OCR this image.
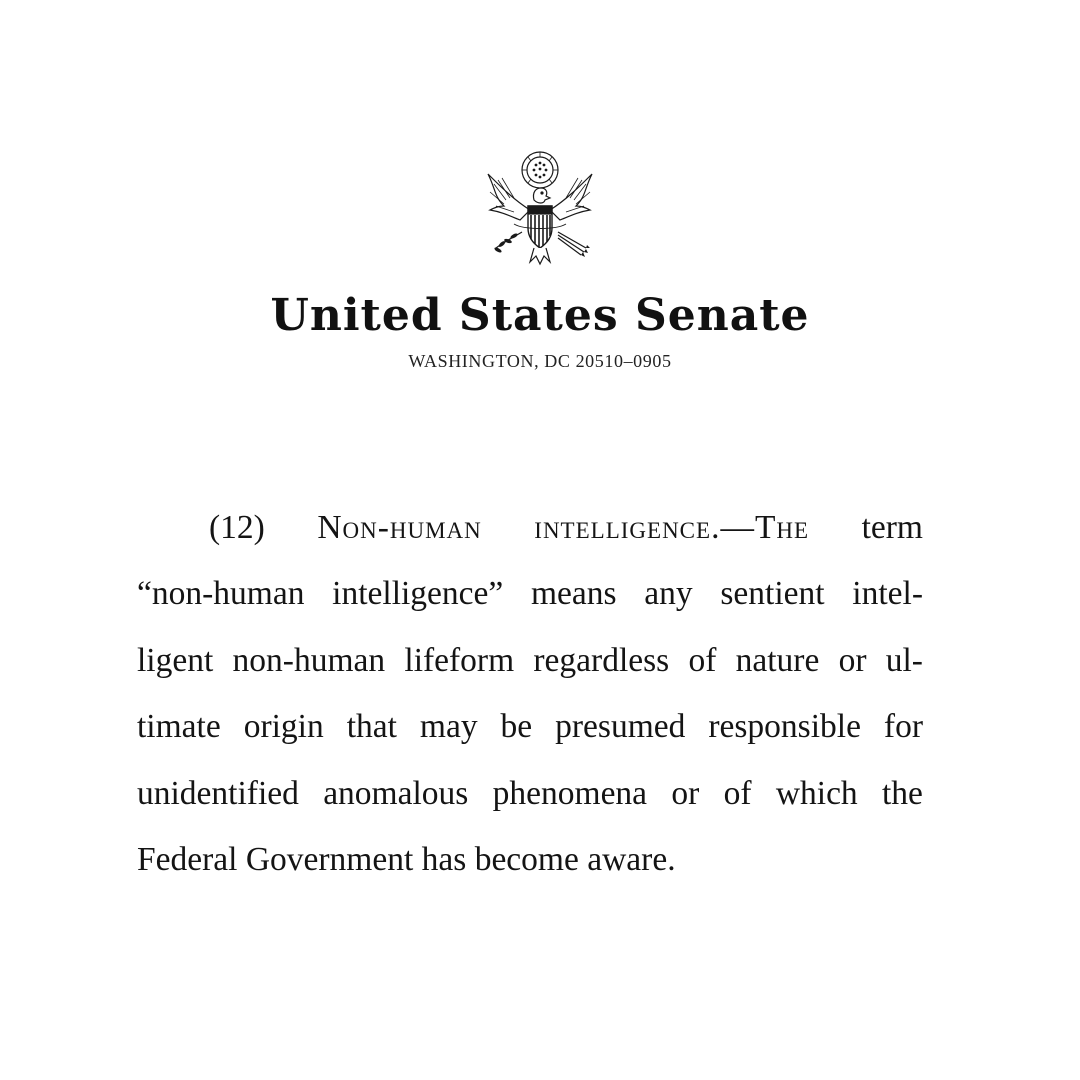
United States Senate
WASHINGTON, DC 20510–0905
(12) Non-human intelligence.—The term
“non-human intelligence” means any sentient intel-
ligent non-human lifeform regardless of nature or ul-
timate origin that may be presumed responsible for
unidentified anomalous phenomena or of which the
Federal Government has become aware.
